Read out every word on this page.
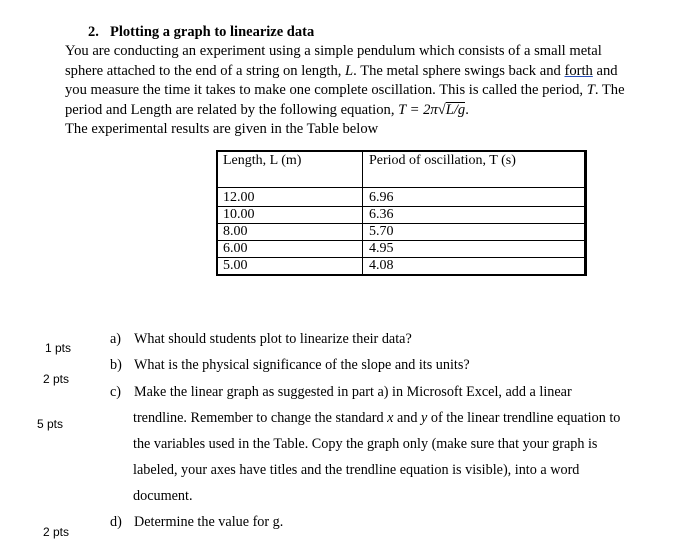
2. Plotting a graph to linearize data

You are conducting an experiment using a simple pendulum which consists of a small metal

sphere attached to the end of a string on length, L. The metal sphere swings back and forth and

you measure the time it takes to make one complete oscillation. This is called the period, T. The

period and Length are related by the following equation, T = 2π√L/g.

The experimental results are given in the Table below

Length, L (m)	Period of oscillation, T (s)
12.00	6.96
10.00	6.36
8.00	5.70
6.00	4.95
5.00	4.08
1 pts
2 pts
5 pts
2 pts
a) What should students plot to linearize their data?
b) What is the physical significance of the slope and its units?
c) Make the linear graph as suggested in part a) in Microsoft Excel, add a linear
trendline. Remember to change the standard x and y of the linear trendline equation to
the variables used in the Table. Copy the graph only (make sure that your graph is
labeled, your axes have titles and the trendline equation is visible), into a word
document.
d) Determine the value for g.
